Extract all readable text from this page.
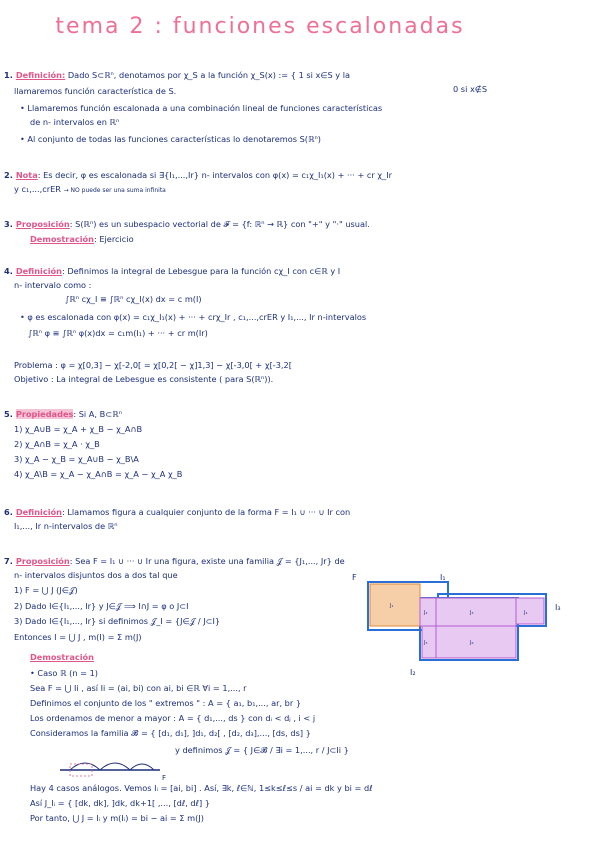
tema 2 : funciones escalonadas
1. Definición: Dado S⊂ℝⁿ, denotamos por χ_S a la función χ_S(x) := { 1 si x∈S y la
0 si x∉S
llamaremos función característica de S.
• Llamaremos función escalonada a una combinación lineal de funciones características
de n- intervalos en ℝⁿ
• Al conjunto de todas las funciones características lo denotaremos S(ℝⁿ)
2. Nota: Es decir, φ es escalonada si ∃{I₁,...,Ir} n- intervalos con φ(x) = c₁χ_I₁(x) + ··· + cr χ_Ir
y c₁,...,crER → NO puede ser una suma infinita
3. Proposición: S(ℝⁿ) es un subespacio vectorial de 𝓕 = {f: ℝⁿ → ℝ} con "+" y "·" usual.
Demostración: Ejercicio
4. Definición: Definimos la integral de Lebesgue para la función cχ_I con c∈ℝ y I
n- intervalo como :
∫ℝⁿ cχ_I ≡ ∫ℝⁿ cχ_I(x) dx = c m(I)
• φ es escalonada con φ(x) = c₁χ_I₁(x) + ··· + crχ_Ir , c₁,...,crER y I₁,..., Ir n-intervalos
∫ℝⁿ φ ≡ ∫ℝⁿ φ(x)dx = c₁m(I₁) + ··· + cr m(Ir)
Problema : φ = χ[0,3] − χ[-2,0[ = χ[0,2[ − χ]1,3] − χ[-3,0[ + χ[-3,2[
Objetivo : La integral de Lebesgue es consistente ( para S(ℝⁿ)).
5. Propiedades: Si A, B⊂ℝⁿ
1) χ_A∪B = χ_A + χ_B − χ_A∩B
2) χ_A∩B = χ_A · χ_B
3) χ_A − χ_B = χ_A∪B − χ_B\A
4) χ_A\B = χ_A − χ_A∩B = χ_A − χ_A χ_B
6. Definición: Llamamos figura a cualquier conjunto de la forma F = I₁ ∪ ··· ∪ Ir con
I₁,..., Ir n-intervalos de ℝⁿ
7. Proposición: Sea F = I₁ ∪ ··· ∪ Ir una figura, existe una familia 𝒥 = {J₁,..., Jr} de
n- intervalos disjuntos dos a dos tal que
1) F = ⋃ J (J∈𝒥)
2) Dado I∈{I₁,..., Ir} y J∈𝒥 ⟹ I∩J = φ o J⊂I
3) Dado I∈{I₁,..., Ir} si definimos 𝒥_I = {J∈𝒥 / J⊂I}
Entonces I = ⋃ J , m(I) = Σ m(J)
Demostración
• Caso ℝ (n = 1)
Sea F = ⋃ Ii , así Ii = (ai, bi) con ai, bi ∈ℝ ∀i = 1,..., r
Definimos el conjunto de los " extremos " : A = { a₁, b₁,..., ar, br }
Los ordenamos de menor a mayor : A = { d₁,..., ds } con dᵢ < dⱼ , i < j
Consideramos la familia 𝓑 = { [d₁, d₁], ]d₁, d₂[ , [d₂, d₃],..., [ds, ds] }
y definimos 𝒥 = { J∈𝓑 / ∃i = 1,..., r / J⊂Ii }
Hay 4 casos análogos. Vemos Iᵢ = [ai, bi] . Así, ∃k, ℓ∈ℕ, 1≤k≤ℓ≤s / ai = dk y bi = dℓ
Así J_Iᵢ = { [dk, dk], ]dk, dk+1[ ,..., [dℓ, dℓ] }
Por tanto, ⋃ J = Iᵢ y m(Iᵢ) = bi − ai = Σ m(J)
F
F	I₁
I₃
I₂
J₁
J₂	J₃	J₄
J₅	J₆
